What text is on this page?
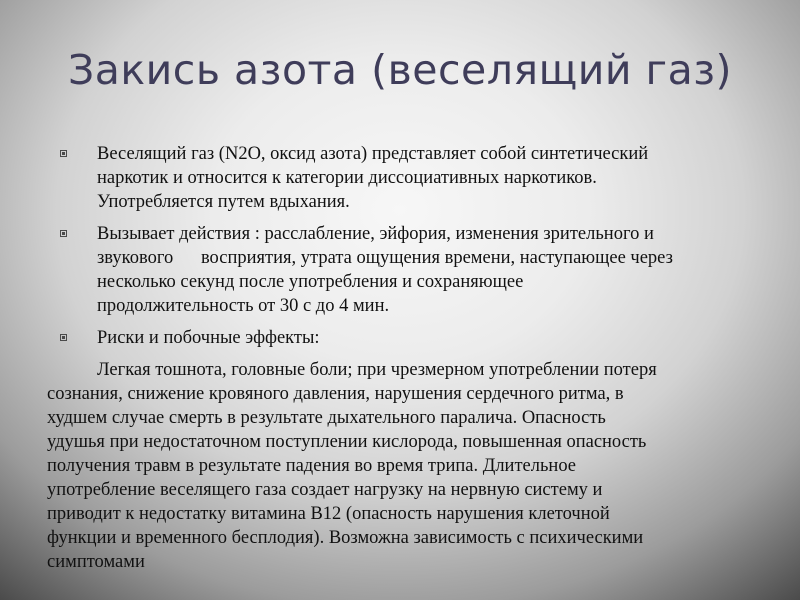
Закись азота (веселящий газ)
Веселящий газ (N2O, оксид азота) представляет собой синтетический
наркотик и относится к категории диссоциативных наркотиков.
Употребляется путем вдыхания.
Вызывает действия : расслабление, эйфория, изменения зрительного и
звукового      восприятия, утрата ощущения времени, наступающее через
несколько секунд после употребления и сохраняющее
продолжительность от 30 с до 4 мин.
Риски и побочные эффекты:
Легкая тошнота, головные боли; при чрезмерном употреблении потеря
сознания, снижение кровяного давления, нарушения сердечного ритма, в
худшем случае смерть в результате дыхательного паралича. Опасность
удушья при недостаточном поступлении кислорода, повышенная опасность
получения травм в результате падения во время трипа. Длительное
употребление веселящего газа создает нагрузку на нервную систему и
приводит к недостатку витамина B12 (опасность нарушения клеточной
функции и временного бесплодия). Возможна зависимость с психическими
симптомами
